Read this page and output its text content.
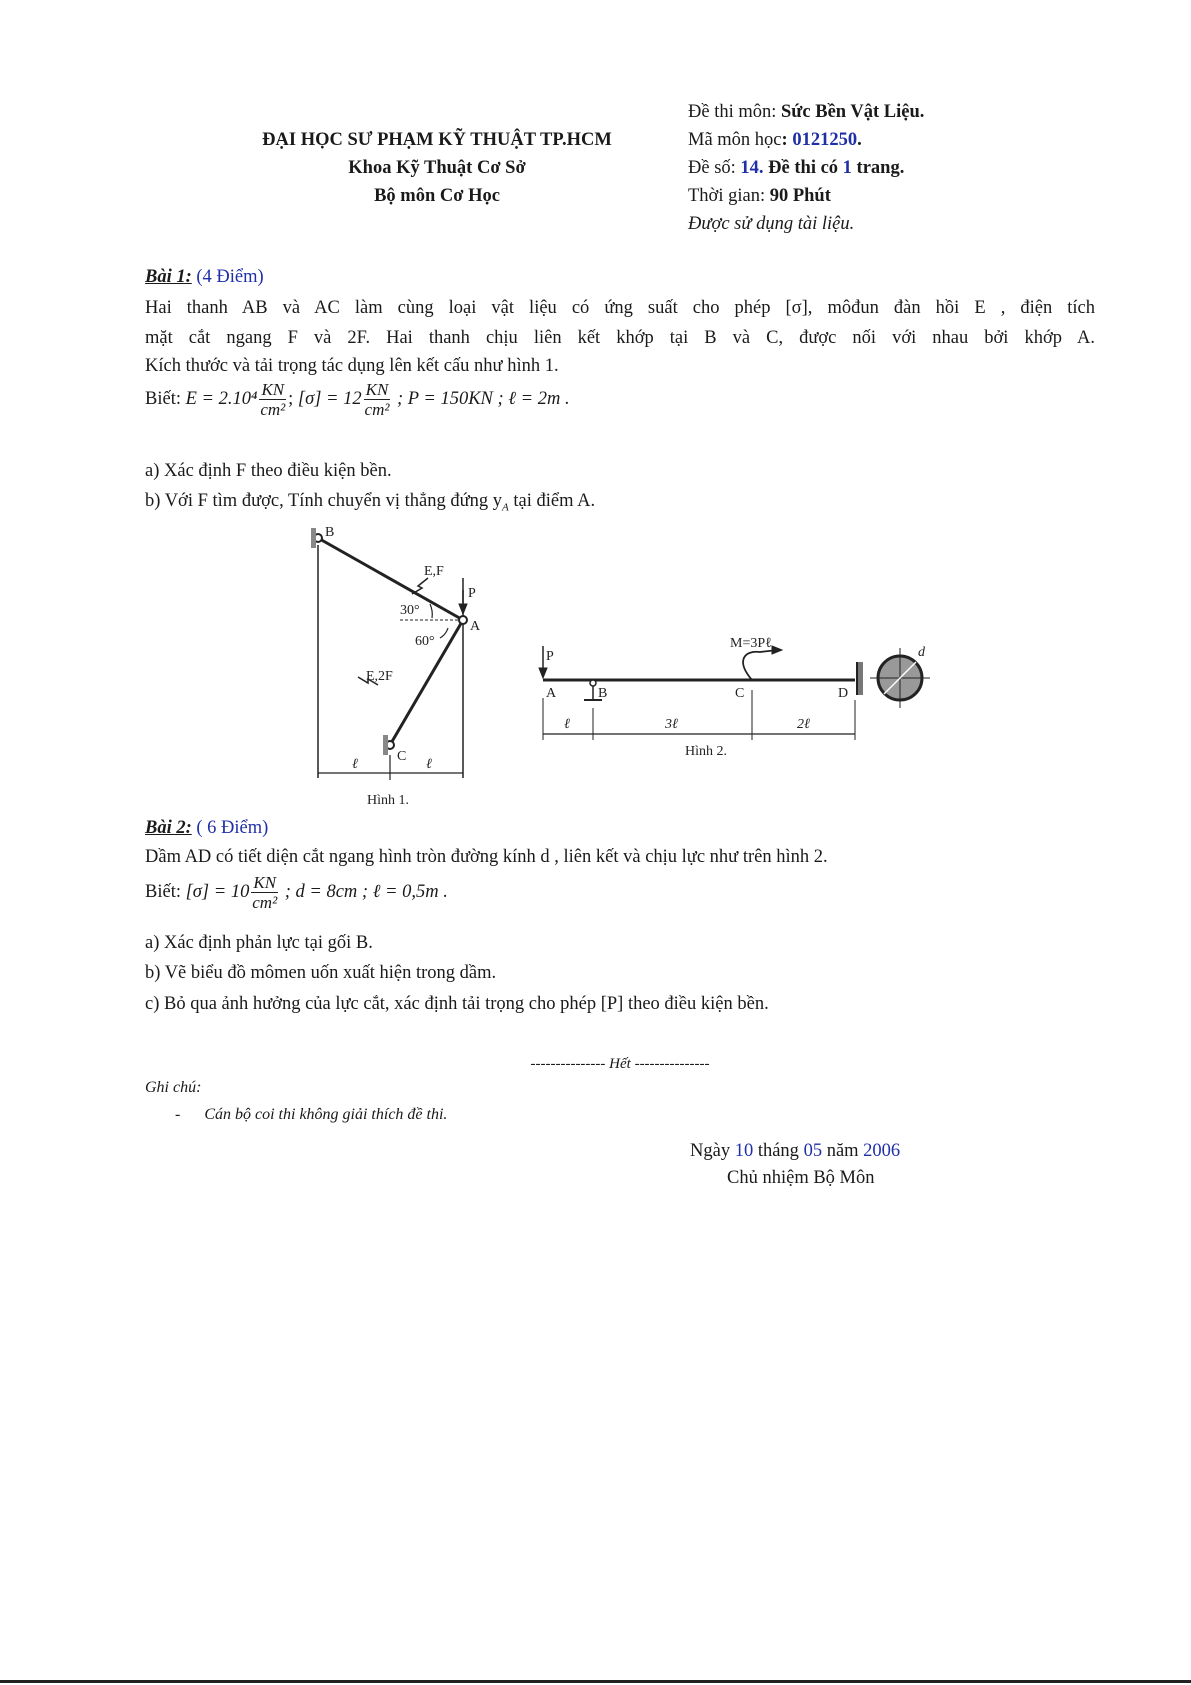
ĐẠI HỌC SƯ PHẠM KỸ THUẬT TP.HCM
Khoa Kỹ Thuật Cơ Sở
Bộ môn Cơ Học
Đề thi môn: Sức Bền Vật Liệu.
Mã môn học: 0121250.
Đề số: 14. Đề thi có 1 trang.
Thời gian: 90 Phút
Được sử dụng tài liệu.
Bài 1: (4 Điểm)
Hai thanh AB và AC làm cùng loại vật liệu có ứng suất cho phép [σ], môđun đàn hồi E , điện tích
mặt cắt ngang F và 2F. Hai thanh chịu liên kết khớp tại B và C, được nối với nhau bởi khớp A.
Kích thước và tải trọng tác dụng lên kết cấu như hình 1.
Biết: $E = 2.10^4 \frac{KN}{\text{cm²}}$ ; $[\sigma] = 12 \frac{KN}{\text{cm²}}$ ; P = 150KN ; ℓ = 2m .
a) Xác định F theo điều kiện bền.
b) Với F tìm được, Tính chuyển vị thẳng đứng $y_A$ tại điểm A.
B
A
C
P
E,F
E,2F
30°
60°
ℓ	ℓ
Hình 1.
P
A	B	C	D
M=3Pℓ
ℓ	3ℓ	2ℓ
d
Hình 2.
Bài 2: ( 6 Điểm)
Dầm AD có tiết diện cắt ngang hình tròn đường kính d , liên kết và chịu lực như trên hình 2.
Biết: $[\sigma] = 10 \frac{KN}{\text{cm²}}$ ; d = 8cm ; ℓ = 0,5m .
a) Xác định phản lực tại gối B.
b) Vẽ biểu đồ mômen uốn xuất hiện trong dầm.
c) Bỏ qua ảnh hưởng của lực cắt, xác định tải trọng cho phép [P] theo điều kiện bền.
--------------- Hết ---------------
Ghi chú:
-      Cán bộ coi thi không giải thích đề thi.
Ngày 10 tháng 05 năm 2006
Chủ nhiệm Bộ Môn
